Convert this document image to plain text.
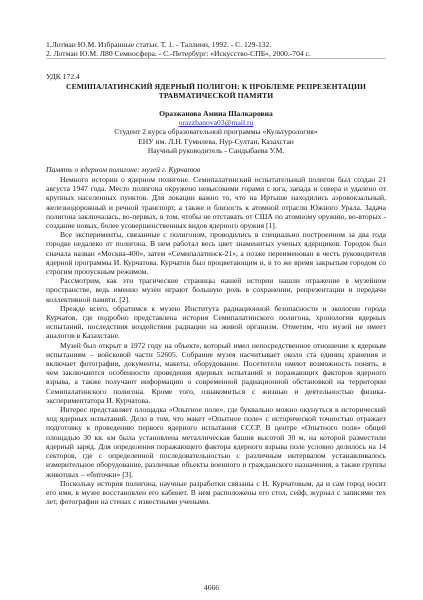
1.Лотман Ю.М. Избранные статьи. Т. 1. - Таллинн, 1992. - С. 129-132.
2. Лотман Ю.М. Л80 Семиосфера. - С.-Петербург: «Искусство-СПБ», 2000.-704 с.
УДК 172.4
СЕМИПАЛАТИНСКИЙ ЯДЕРНЫЙ ПОЛИГОН: К ПРОБЛЕМЕ РЕПРЕЗЕНТАЦИИ ТРАВМАТИЧЕСКОЙ ПАМЯТИ
Оразжанова Амина Шалкаровна
orazzhanova03@mail.ru
Студент 2 курса образовательной программы «Культурология»
ЕНУ им. Л.Н. Гумилева, Нур-Султан, Казахстан
Научный руководитель - Сандыбаева У.М.
Память о ядерном полигоне: музей г. Курчатов

Немного истории о ядерном полигоне. Семипалатинский испытательный полигон был создан 21 августа 1947 года. Место полигона окружено невысокими горами с юга, запада и севера и удалено от крупных населенных пунктов. Для локации важно то, что на Иртыше находились аэровокзальный, железнодорожный и речной транспорт, а также и близость к атомной отрасли Южного Урала. Задача полигона заключалась, во-первых, в том, чтобы не отставать от США по атомному оружию, во-вторых - создание новых, более усовершенственных видов ядерного оружия [1].

Все эксперименты, связанные с полигоном, проводились в специально построенном за два года городке недалеко от полигона. В нем работал весь цвет знаменитых ученых ядерщиков. Городок был сначала назван «Москва-400», затем «Семипалатинск-21», а позже переименован в честь руководителя ядерной программы И. Курчатова. Курчатов был процветающим и, в то же время закрытым городом со строгим пропускным режимом.

Рассмотрим, как эти трагические страницы нашей истории нашли отражение в музейном пространстве, ведь именно музеи играют большую роль в сохранении, репрезентации и передачи коллективной памяти. [2].

Прежде всего, обратимся к музею Института радиационной безопасности и экологии города Курчатов, где подробно представлена история Семипалатинского полигона, хронология ядерных испытаний, последствия воздействия радиации на живой организм. Отметим, что музей не имеет аналогов в Казахстане.

Музей был открыт в 1972 году на объекте, который имел непосредственное отношение к ядерным испытаниям – войсковой части 52605. Собрание музея насчитывает около ста единиц хранения и включает фотографии, документы, макеты, оборудование. Посетители имеют возможность понять, в чем заключаются особенности проведения ядерных испытаний и поражающих факторов ядерного взрыва, а также получают информацию о современной радиационной обстановкой на территории Семипалатинского полигона. Кроме того, ознакомиться с жизнью и деятельностью физика-экспериментатора И. Курчатова.

Интерес представляет площадка «Опытное поле», где буквально можно окунуться в исторический ход ядерных испытаний. Дело в том, что макет «Опытное поле» с исторической точностью отражает подготовку к проведению первого ядерного испытания СССР. В центре «Опытного поля» общей площадью 30 кв. км была установлена металлическая башня высотой 30 м, на которой разместили ядерный заряд. Для определения поражающего фактора ядерного взрыва поле условно делилось на 14 секторов, где с определенной последовательностью с различным интервалом устанавливалось измерительное оборудование, различные объекты военного и гражданского назначения, а также группы животных – «биточки» [3].

Поскольку история полигона, научные разработки связаны с Н. Курчатовым, да и сам город носит его имя, в музее восстановлен его кабинет. В нем расположены его стол, сейф, журнал с записями тех лет, фотографии на стенах с известными учеными.

4666
